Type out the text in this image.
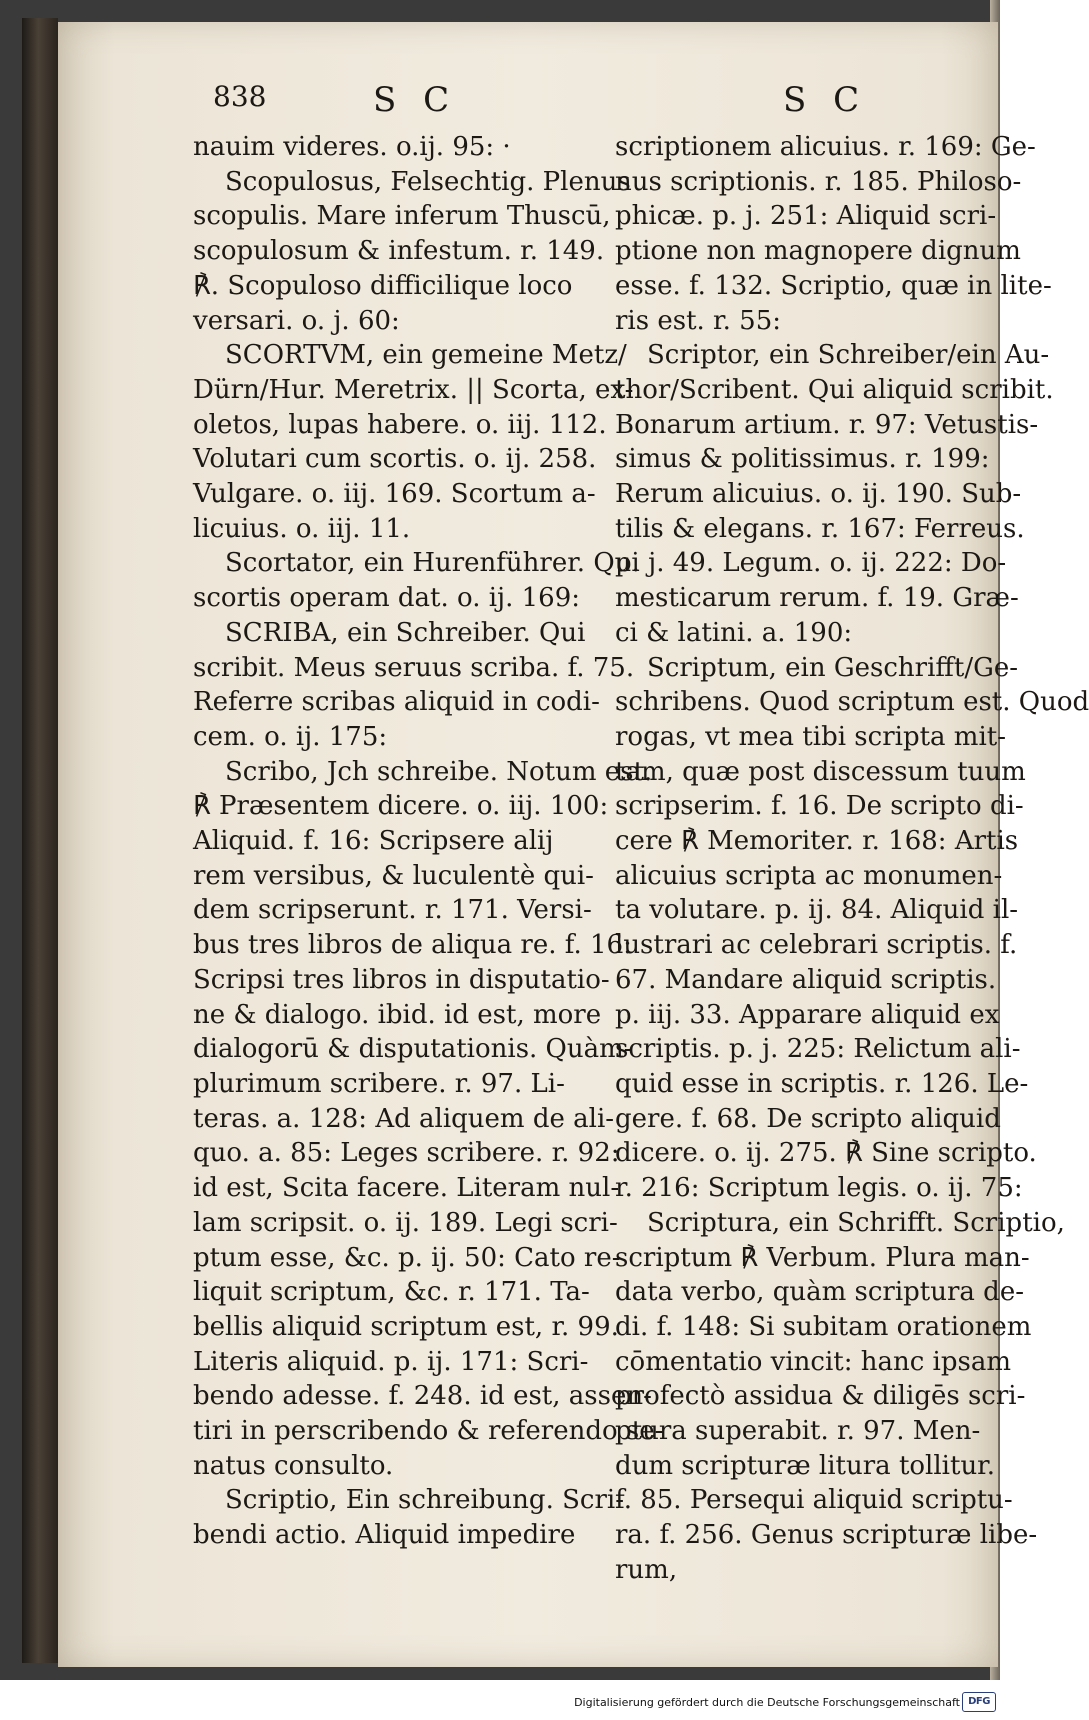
838	S C	S C
nauim videres. o.ij. 95: ·
Scopulosus, Felsechtig. Plenus
scopulis. Mare inferum Thuscū,
scopulosum & infestum. r. 149.
℟. Scopuloso difficilique loco
versari. o. j. 60:
SCORTVM, ein gemeine Metz/
Dürn/Hur. Meretrix. || Scorta, ex-
oletos, lupas habere. o. iij. 112.
Volutari cum scortis. o. ij. 258.
Vulgare. o. iij. 169. Scortum a-
licuius. o. iij. 11.
Scortator, ein Hurenführer. Qui
scortis operam dat. o. ij. 169:
SCRIBA, ein Schreiber. Qui
scribit. Meus seruus scriba. f. 75.
Referre scribas aliquid in codi-
cem. o. ij. 175:
Scribo, Jch schreibe. Notum est.
℟ Præsentem dicere. o. iij. 100:
Aliquid. f. 16: Scripsere alij
rem versibus, & luculentè qui-
dem scripserunt. r. 171. Versi-
bus tres libros de aliqua re. f. 16:
Scripsi tres libros in disputatio-
ne & dialogo. ibid. id est, more
dialogorū & disputationis. Quàm-
plurimum scribere. r. 97. Li-
teras. a. 128: Ad aliquem de ali-
quo. a. 85: Leges scribere. r. 92:
id est, Scita facere. Literam nul-
lam scripsit. o. ij. 189. Legi scri-
ptum esse, &c. p. ij. 50: Cato re-
liquit scriptum, &c. r. 171. Ta-
bellis aliquid scriptum est, r. 99.
Literis aliquid. p. ij. 171: Scri-
bendo adesse. f. 248. id est, assen-
tiri in perscribendo & referendo se-
natus consulto.
Scriptio, Ein schreibung. Scri-
bendi actio. Aliquid impedire
scriptionem alicuius. r. 169: Ge-
nus scriptionis. r. 185. Philoso-
phicæ. p. j. 251: Aliquid scri-
ptione non magnopere dignum
esse. f. 132. Scriptio, quæ in lite-
ris est. r. 55:
Scriptor, ein Schreiber/ein Au-
thor/Scribent. Qui aliquid scribit.
Bonarum artium. r. 97: Vetustis-
simus & politissimus. r. 199:
Rerum alicuius. o. ij. 190. Sub-
tilis & elegans. r. 167: Ferreus.
p. j. 49. Legum. o. ij. 222: Do-
mesticarum rerum. f. 19. Græ-
ci & latini. a. 190:
Scriptum, ein Geschrifft/Ge-
schribens. Quod scriptum est. Quod
rogas, vt mea tibi scripta mit-
tam, quæ post discessum tuum
scripserim. f. 16. De scripto di-
cere ℟ Memoriter. r. 168: Artis
alicuius scripta ac monumen-
ta volutare. p. ij. 84. Aliquid il-
lustrari ac celebrari scriptis. f.
67. Mandare aliquid scriptis.
p. iij. 33. Apparare aliquid ex
scriptis. p. j. 225: Relictum ali-
quid esse in scriptis. r. 126. Le-
gere. f. 68. De scripto aliquid
dicere. o. ij. 275. ℟ Sine scripto.
r. 216: Scriptum legis. o. ij. 75:
Scriptura, ein Schrifft. Scriptio,
scriptum ℟ Verbum. Plura man-
data verbo, quàm scriptura de-
di. f. 148: Si subitam orationem
cōmentatio vincit: hanc ipsam
profectò assidua & diligēs scri-
ptura superabit. r. 97. Men-
dum scripturæ litura tollitur.
f. 85. Persequi aliquid scriptu-
ra. f. 256. Genus scripturæ libe-
rum,
Digitalisierung gefördert durch die Deutsche Forschungsgemeinschaft DFG
